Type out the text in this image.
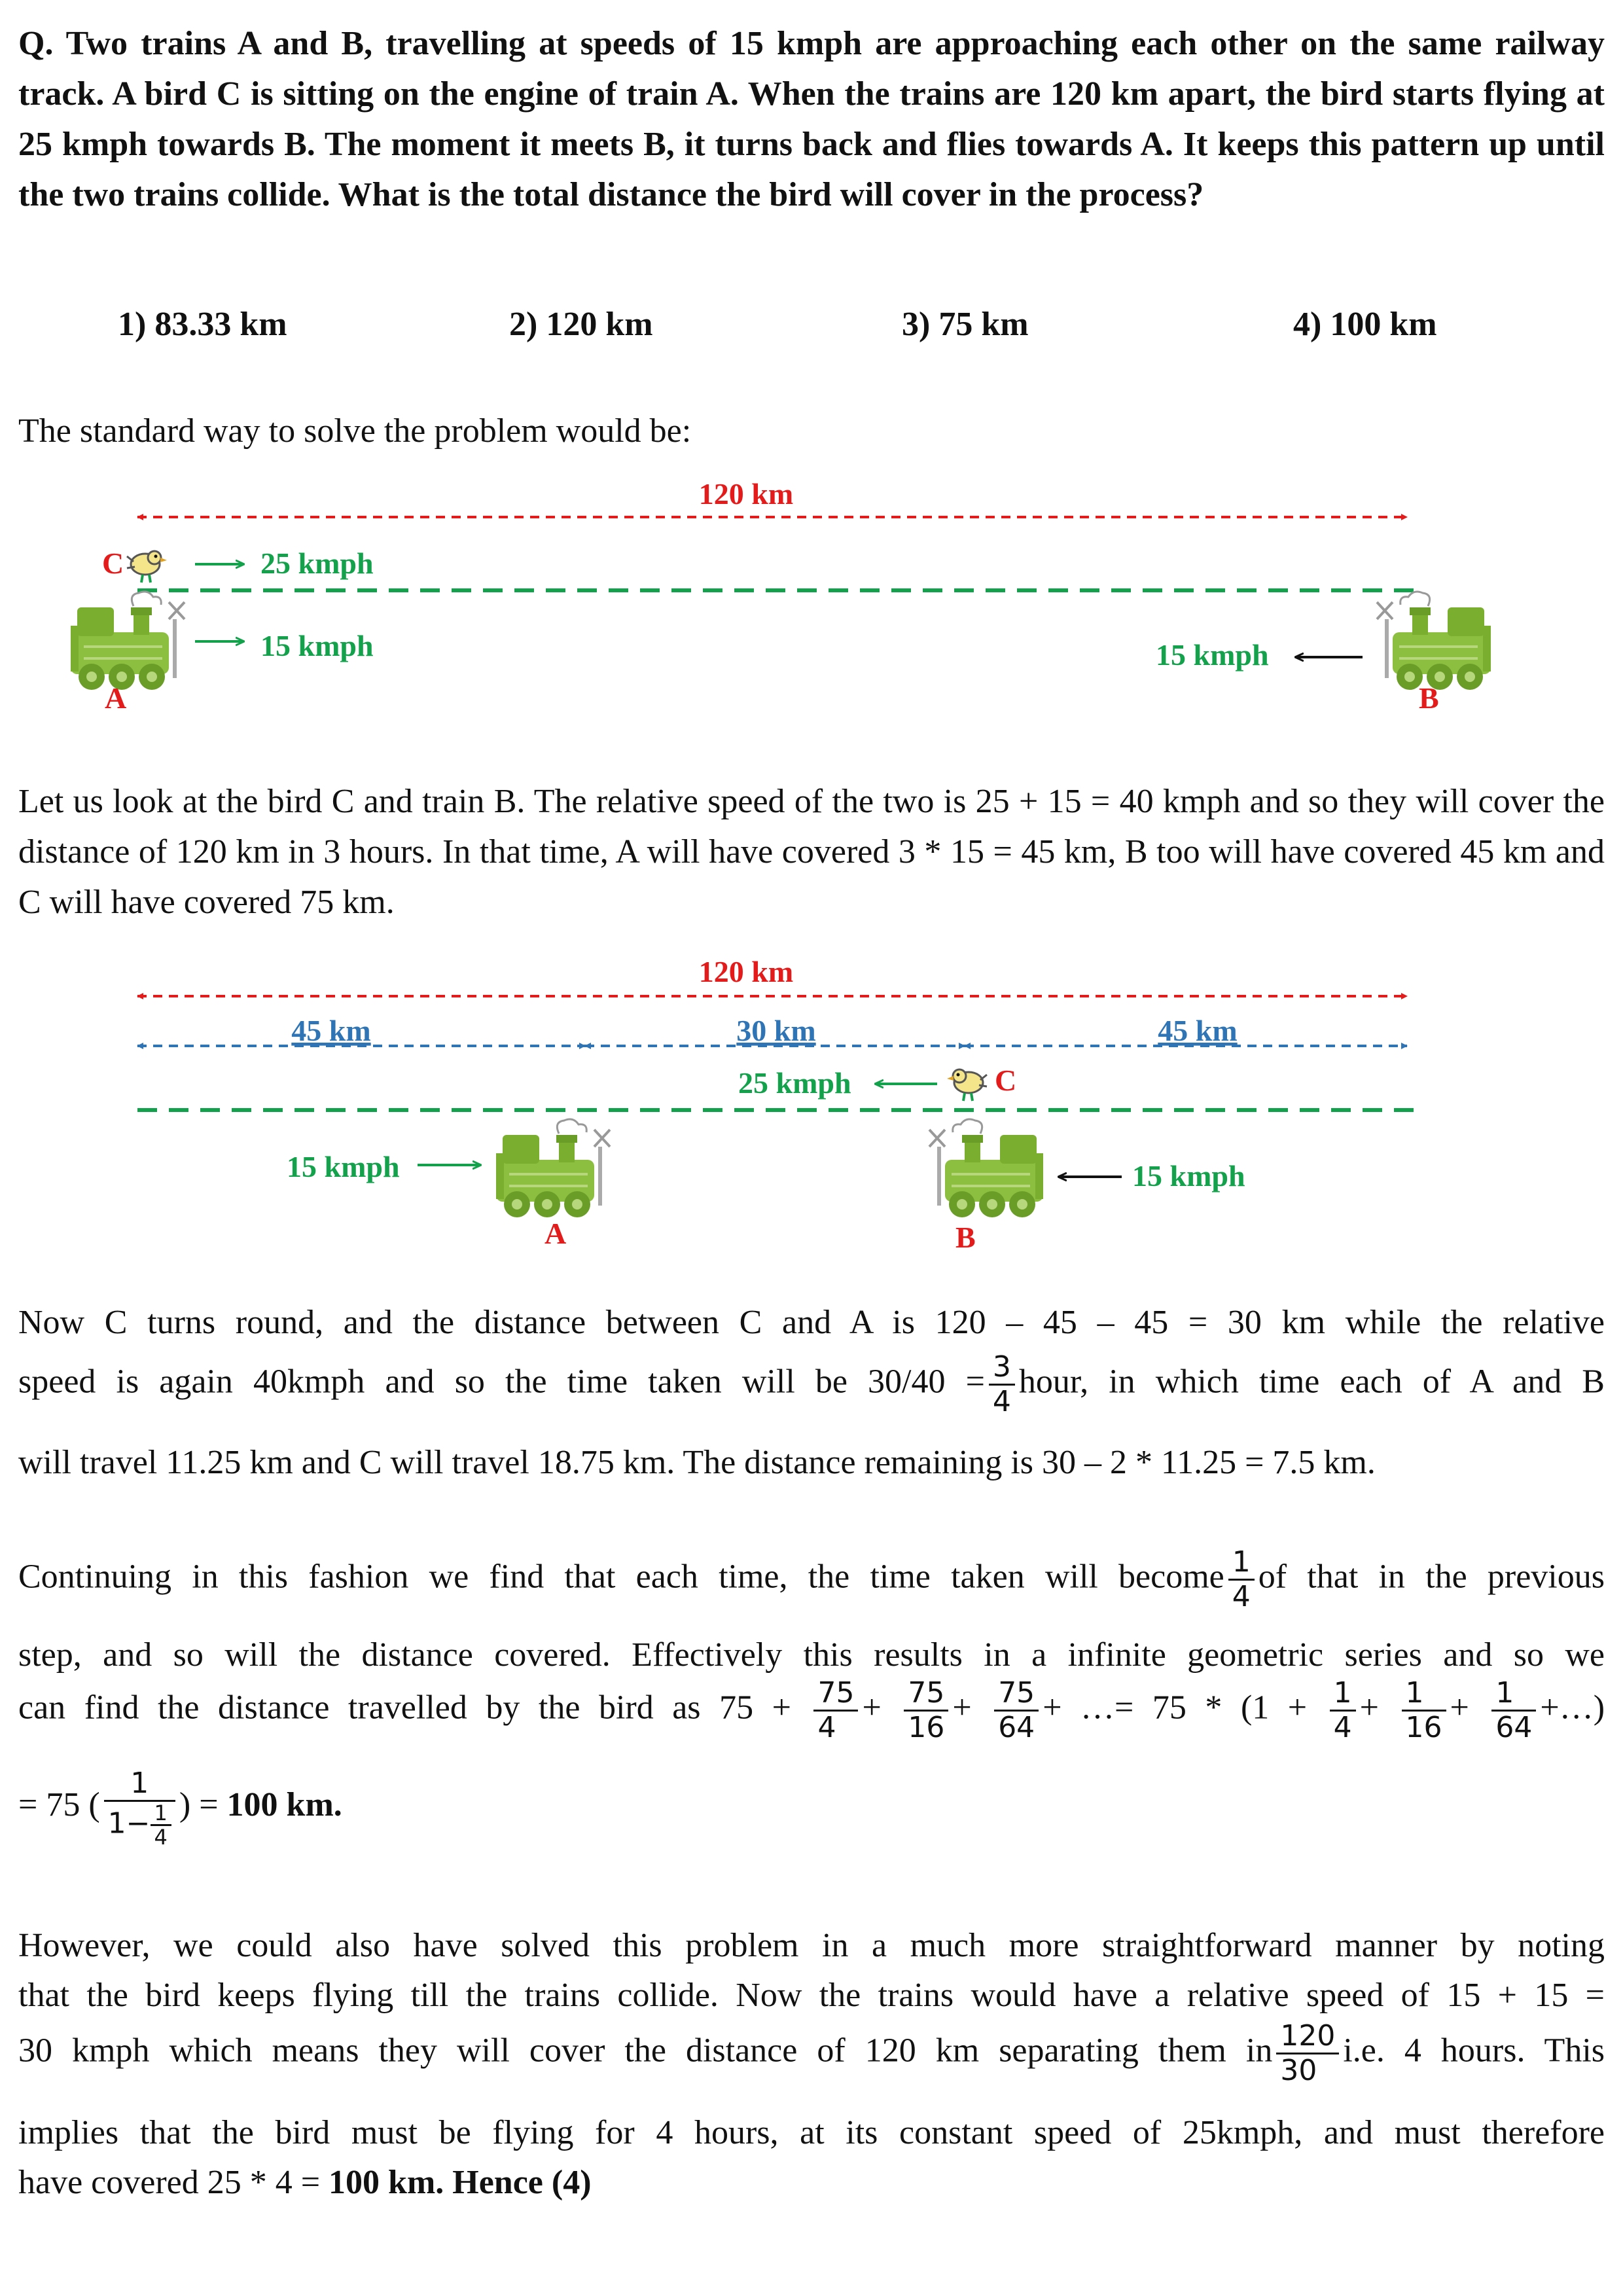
Q. Two trains A and B, travelling at speeds of 15 kmph are approaching each other on the same railway track. A bird C is sitting on the engine of train A. When the trains are 120 km apart, the bird starts flying at 25 kmph towards B. The moment it meets B, it turns back and flies towards A. It keeps this pattern up until the two trains collide. What is the total distance the bird will cover in the process?
1) 83.33 km	2) 120 km	3) 75 km	4) 100 km
The standard way to solve the problem would be:
120 km
C	25 kmph
15 kmph
A
15 kmph
B
120 km
45 km	30 km	45 km
25 kmph	C
15 kmph
A
15 kmph
B
Let us look at the bird C and train B. The relative speed of the two is 25 + 15 = 40 kmph and so they will cover the distance of 120 km in 3 hours. In that time, A will have covered 3 * 15 = 45 km, B too will have covered 45 km and C will have covered 75 km.
Now C turns round, and the distance between C and A is 120 – 45 – 45 = 30 km while the relative
speed is again 40kmph and so the time taken will be $30/40 = \frac{3}{4}$ hour, in which time each of A and B
will travel 11.25 km and C will travel 18.75 km. The distance remaining is 30 – 2 * 11.25 = 7.5 km.
Continuing in this fashion we find that each time, the time taken will become $\frac{1}{4}$ of that in the previous
step, and so will the distance covered. Effectively this results in a infinite geometric series and so we
can find the distance travelled by the bird as $75 + \frac{75}{4} + \frac{75}{16} + \frac{75}{64}$ + …= $75 * (1 + \frac{1}{4} + \frac{1}{16} + \frac{1}{64}$ +…)
= 75 ( $\frac{1}{1- \frac{1}{4}}$ ) = 100 km.
However, we could also have solved this problem in a much more straightforward manner by noting
that the bird keeps flying till the trains collide. Now the trains would have a relative speed of 15 + 15 =
30 kmph which means they will cover the distance of 120 km separating them in $\frac{120}{30} i.e$. 4 hours. This
implies that the bird must be flying for 4 hours, at its constant speed of 25kmph, and must therefore
have covered 25 * 4 = 100 km. Hence (4)
